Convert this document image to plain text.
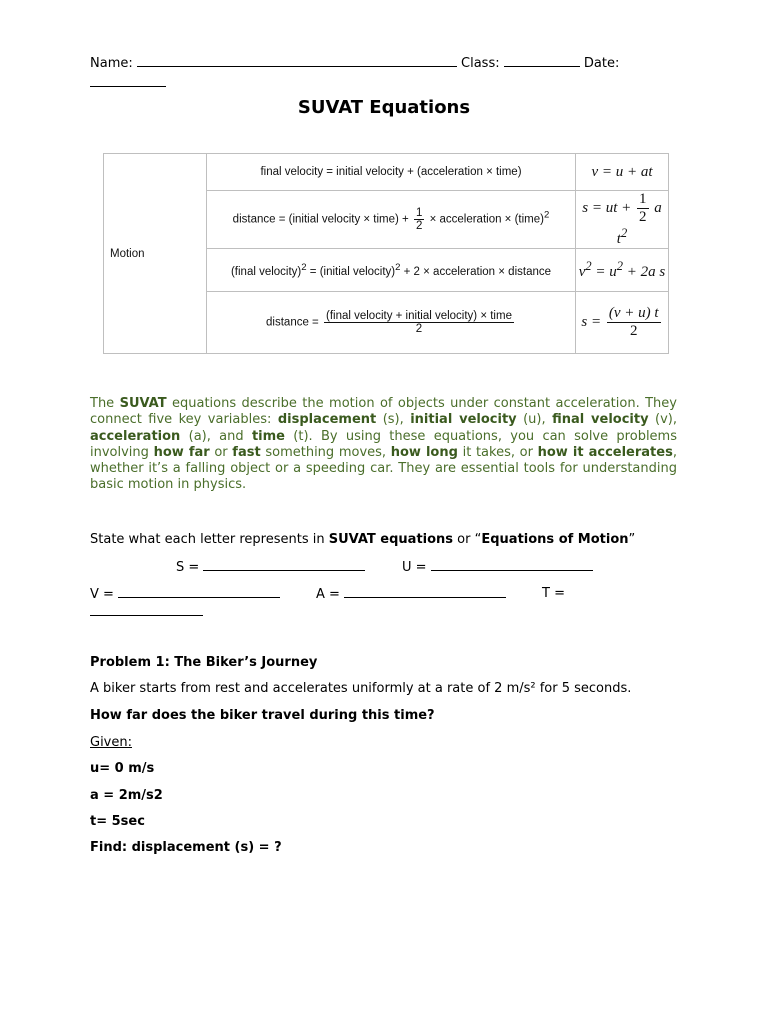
Name:	Class:	Date:
SUVAT Equations
Motion	final velocity = initial velocity + (acceleration × time)	v = u + at
	distance = (initial velocity × time) + $\frac{1}{2}$ × acceleration × (time)$^2$	s = ut + $\frac{1}{2}$ a $t^2$
	(final velocity)$^2$ = (initial velocity)$^2$ + 2 × acceleration × distance	$v^2 = u^2 + 2a$ s
	distance = $\frac{\text{(final velocity + initial velocity) × time}}{2}$	$s = \frac{(v + u) t}{2}$
The SUVAT equations describe the motion of objects under constant acceleration. They connect five key variables: displacement (s), initial velocity (u), final velocity (v), acceleration (a), and time (t). By using these equations, you can solve problems involving how far or fast something moves, how long it takes, or how it accelerates, whether it’s a falling object or a speeding car. They are essential tools for understanding basic motion in physics.
State what each letter represents in SUVAT equations or “Equations of Motion”
S =	U =
V =	A =	T =
Problem 1: The Biker’s Journey
A biker starts from rest and accelerates uniformly at a rate of 2 m/s² for 5 seconds.
How far does the biker travel during this time?
Given:
u= 0 m/s
a = 2m/s2
t= 5sec
Find: displacement (s) = ?
